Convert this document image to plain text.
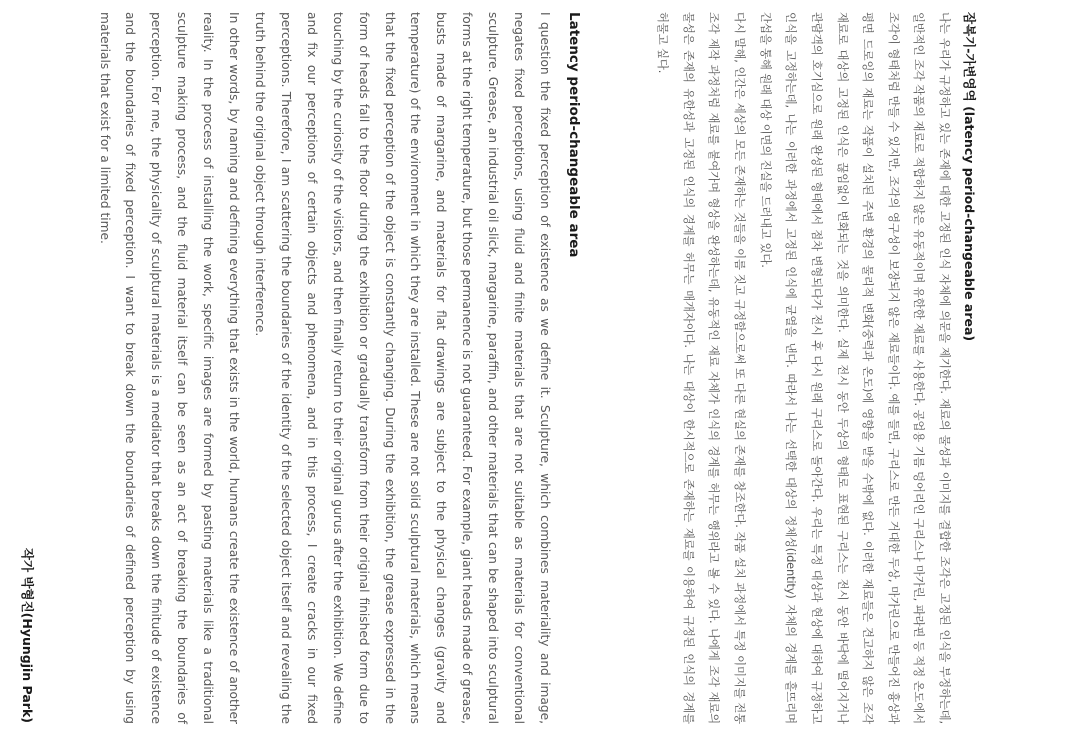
잠복기-가변영역 (latency period-changeable area)

나는 우리가 규정하고 있는 존재에 대한 고정된 인식 자체에 의문을 제기한다. 재료의 물성과 이미지를 결합한 조각은 고정된 인식을 부정하는데, 일반적인 조각 작품의 재료로 적합하지 않은 유동적이며 유한한 재료를 사용한다. 공업용 기름 덩어리인 구리스나 마가린, 파라핀 등 적정 온도에서 조각이 형태처럼 만들 수 있지만, 조각의 영구성이 보장되지 않은 재료들이다. 예를 들면, 구리스로 만든 거대한 두상, 마가린으로 만들어진 흉상과 평면 드로잉의 재료는 작품이 설치된 주변 환경의 물리적 변화(중력과 온도)에 영향을 받을 수밖에 없다. 이러한 재료들은 견고하지 않은 조각 재료로 대상의 고정된 인식은 끊임없이 변화되는 것을 의미한다. 실제 전시 동안 두상의 형태로 표현된 구리스는 전시 동안 바닥에 떨어지거나 관람객의 호기심으로 원래 완성된 형태에서 점차 변형되다가 전시 후 다시 원래 구리스로 돌아간다. 우리는 특정 대상과 현상에 대하여 규정하고 인식을 고정하는데, 나는 이러한 과정에서 고정된 인식에 균열을 낸다. 따라서 나는 선택한 대상의 정체성(identity) 자체의 경계를 흩뜨리며 간섭을 통해 원래 대상 이면의 진실을 드러내고 있다.

다시 말해, 인간은 세상의 모든 존재하는 것들을 이름 짓고 규정함으로써 또 다른 현실의 존재를 창조한다. 작품 설치 과정에서 특정 이미지를 전통 조각 제작 과정처럼 재료를 붙여가며 형상을 완성하는데, 유동적인 재료 자체가 인식의 경계를 허무는 행위라고 볼 수 있다. 나에게 조각 재료의 물성은 존재의 유한성과 고정된 인식의 경계를 허무는 매개자이다. 나는 대상이 한시적으로 존재하는 재료를 이용하여 규정된 인식의 경계를 허물고 싶다.

Latency period-changeable area

I question the fixed perception of existence as we define it. Sculpture, which combines materiality and image, negates fixed perceptions, using fluid and finite materials that are not suitable as materials for conventional sculpture. Grease, an industrial oil slick, margarine, paraffin, and other materials that can be shaped into sculptural forms at the right temperature, but those permanence is not guaranteed. For example, giant heads made of grease, busts made of margarine, and materials for flat drawings are subject to the physical changes (gravity and temperature) of the environment in which they are installed. These are not solid sculptural materials, which means that the fixed perception of the object is constantly changing. During the exhibition, the grease expressed in the form of heads fall to the floor during the exhibition or gradually transform from their original finished form due to touching by the curiosity of the visitors, and then finally return to their original gurus after the exhibition. We define and fix our perceptions of certain objects and phenomena, and in this process, I create cracks in our fixed perceptions. Therefore, I am scattering the boundaries of the identity of the selected object itself and revealing the truth behind the original object through interference.

In other words, by naming and defining everything that exists in the world, humans create the existence of another reality. In the process of installing the work, specific images are formed by pasting materials like a traditional sculpture making process, and the fluid material itself can be seen as an act of breaking the boundaries of perception. For me, the physicality of sculptural materials is a mediator that breaks down the finitude of existence and the boundaries of fixed perception. I want to break down the boundaries of defined perception by using materials that exist for a limited time.

작가 박형진(Hyungjin Park)
